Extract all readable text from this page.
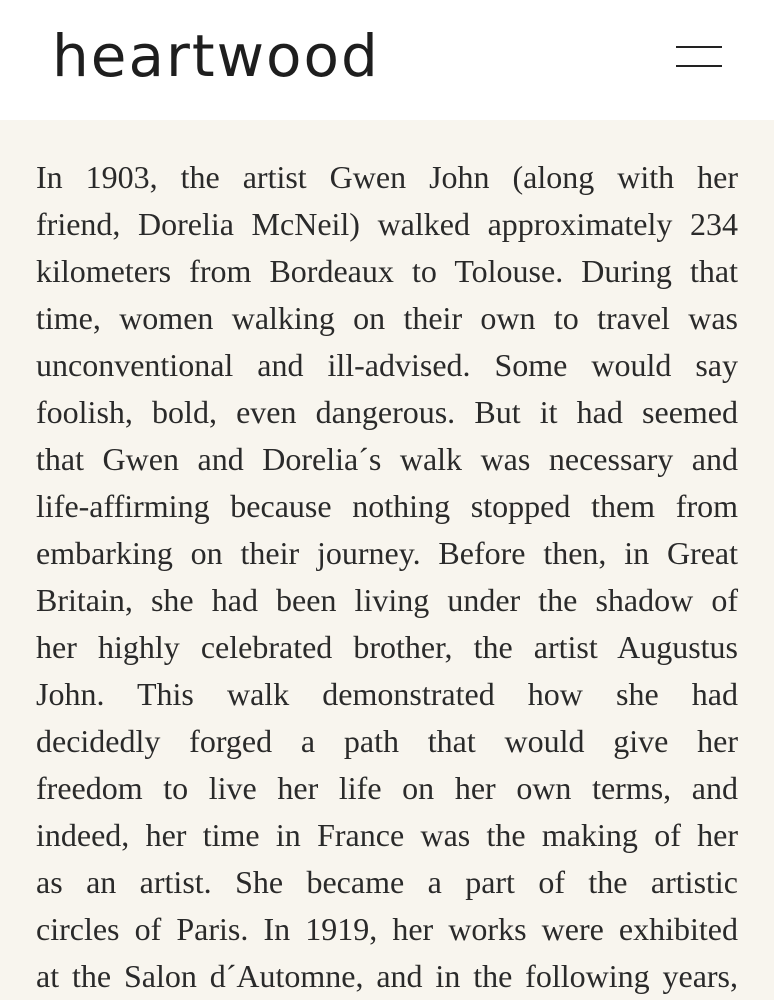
heartwood

In 1903, the artist Gwen John (along with her
friend, Dorelia McNeil) walked approximately 234
kilometers from Bordeaux to Tolouse. During that
time, women walking on their own to travel was
unconventional and ill-advised. Some would say
foolish, bold, even dangerous. But it had seemed
that Gwen and Dorelia´s walk was necessary and
life-affirming because nothing stopped them from
embarking on their journey. Before then, in Great
Britain, she had been living under the shadow of
her highly celebrated brother, the artist Augustus
John. This walk demonstrated how she had
decidedly forged a path that would give her
freedom to live her life on her own terms, and
indeed, her time in France was the making of her
as an artist. She became a part of the artistic
circles of Paris. In 1919, her works were exhibited
at the Salon d´Automne, and in the following years,
